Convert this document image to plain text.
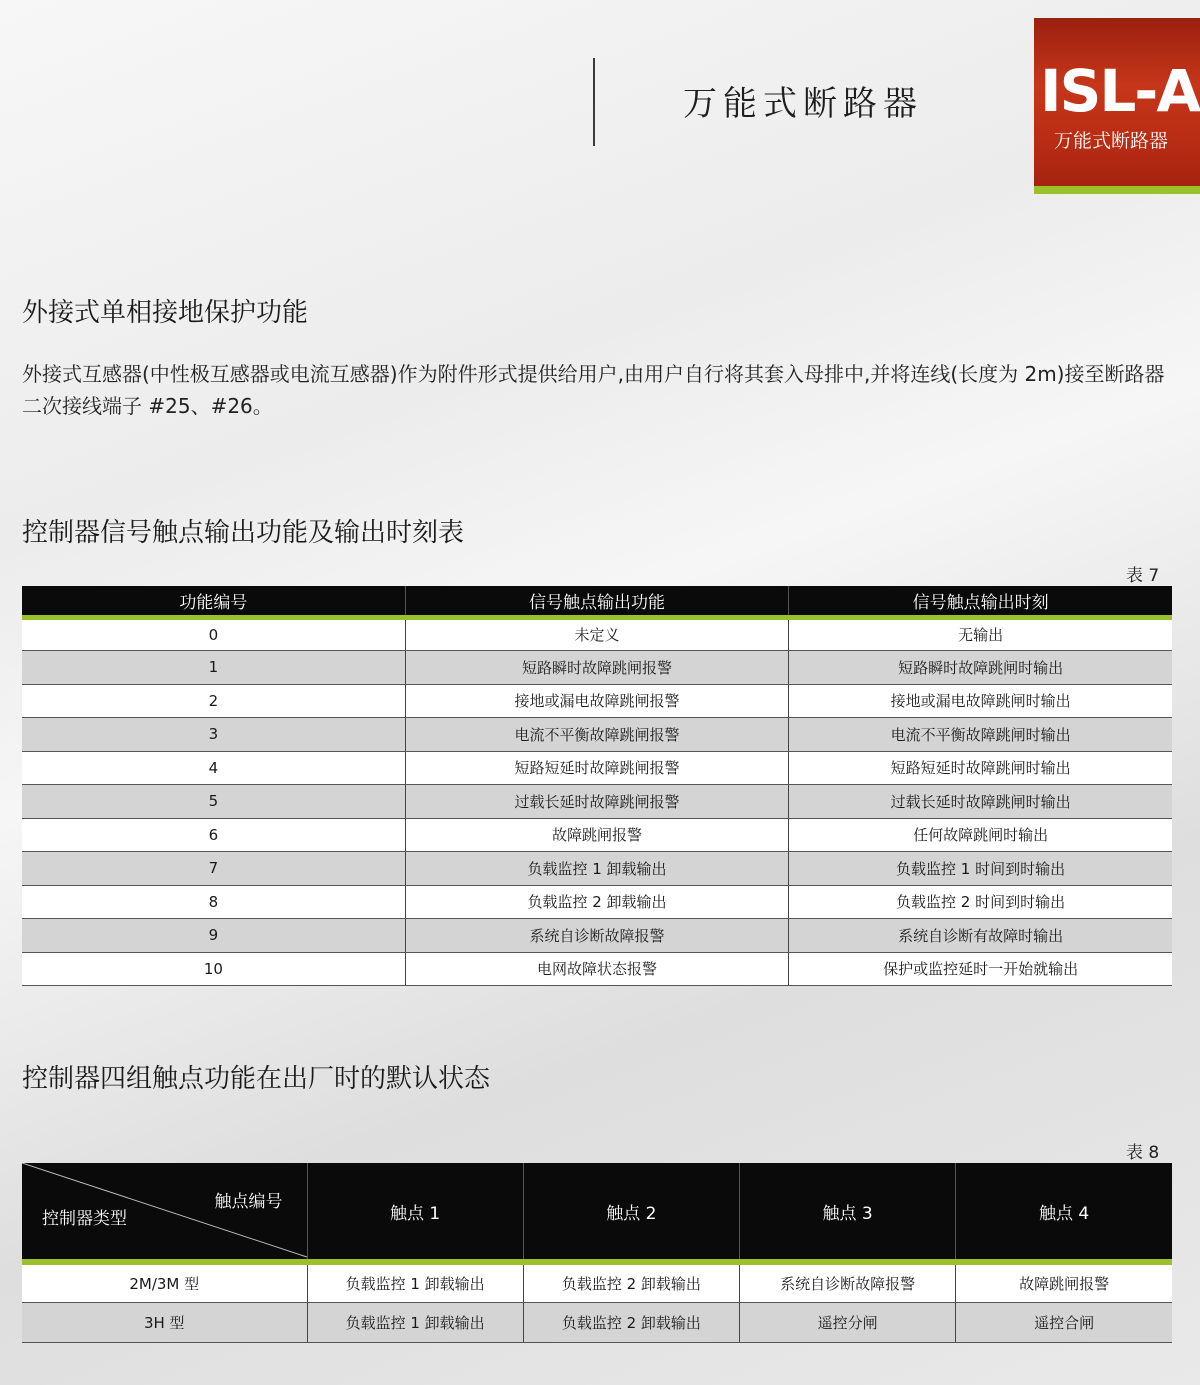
万能式断路器 ISL-A
万能式断路器
外接式单相接地保护功能
外接式互感器(中性极互感器或电流互感器)作为附件形式提供给用户,由用户自行将其套入母排中,并将连线(长度为 2m)接至断路器二次接线端子 #25、#26。
控制器信号触点输出功能及输出时刻表
表 7
功能编号	信号触点输出功能	信号触点输出时刻
0	未定义	无输出
1	短路瞬时故障跳闸报警	短路瞬时故障跳闸时输出
2	接地或漏电故障跳闸报警	接地或漏电故障跳闸时输出
3	电流不平衡故障跳闸报警	电流不平衡故障跳闸时输出
4	短路短延时故障跳闸报警	短路短延时故障跳闸时输出
5	过载长延时故障跳闸报警	过载长延时故障跳闸时输出
6	故障跳闸报警	任何故障跳闸时输出
7	负载监控 1 卸载输出	负载监控 1 时间到时输出
8	负载监控 2 卸载输出	负载监控 2 时间到时输出
9	系统自诊断故障报警	系统自诊断有故障时输出
10	电网故障状态报警	保护或监控延时一开始就输出
控制器四组触点功能在出厂时的默认状态
表 8
触点编号
控制器类型	触点 1	触点 2	触点 3	触点 4
2M/3M 型	负载监控 1 卸载输出	负载监控 2 卸载输出	系统自诊断故障报警	故障跳闸报警
3H 型	负载监控 1 卸载输出	负载监控 2 卸载输出	遥控分闸	遥控合闸
